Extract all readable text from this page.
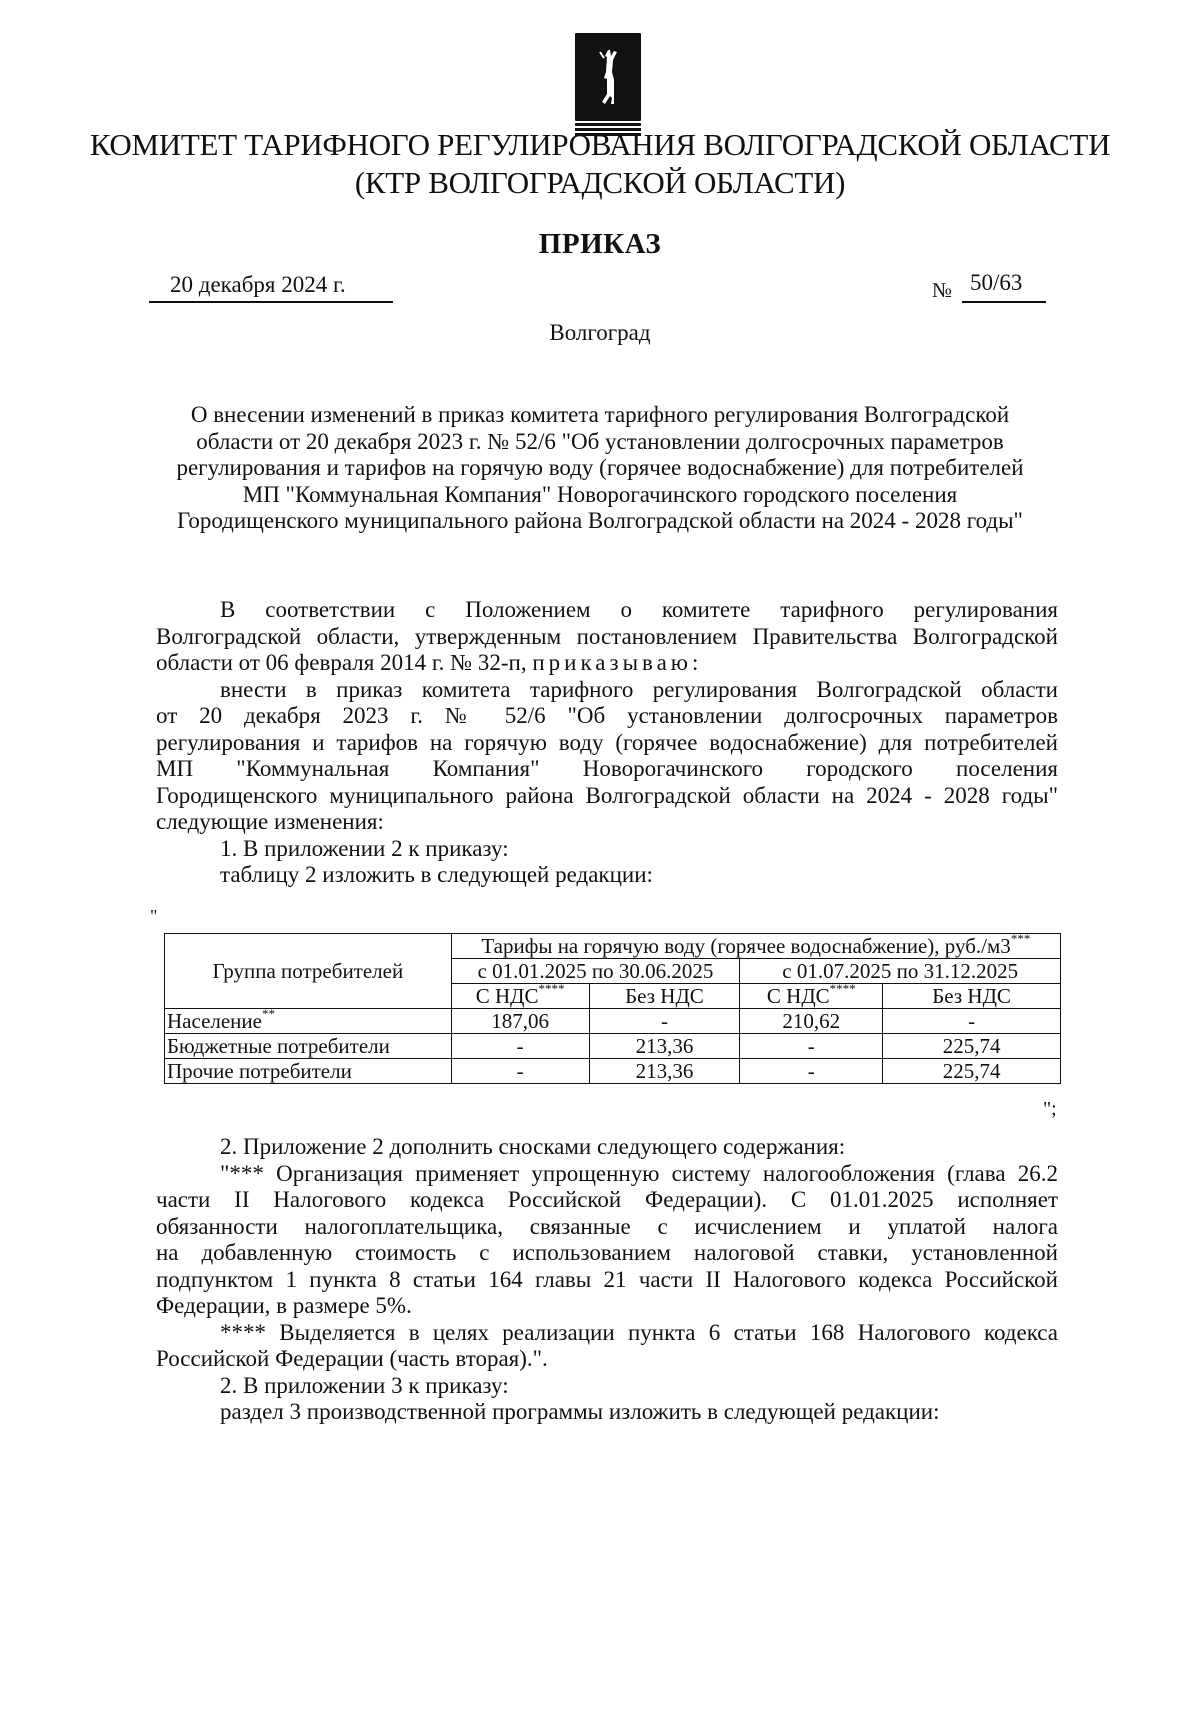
КОМИТЕТ ТАРИФНОГО РЕГУЛИРОВАНИЯ ВОЛГОГРАДСКОЙ ОБЛАСТИ
(КТР ВОЛГОГРАДСКОЙ ОБЛАСТИ)
ПРИКАЗ
20 декабря 2024 г.	№ 50/63
Волгоград
О внесении изменений в приказ комитета тарифного регулирования Волгоградской
области от 20 декабря 2023 г. № 52/6 "Об установлении долгосрочных параметров
регулирования и тарифов на горячую воду (горячее водоснабжение) для потребителей
МП "Коммунальная Компания" Новорогачинского городского поселения
Городищенского муниципального района Волгоградской области на 2024 - 2028 годы"
В соответствии с Положением о комитете тарифного регулирования
Волгоградской области, утвержденным постановлением Правительства Волгоградской
области от 06 февраля 2014 г. № 32-п, приказываю:
внести в приказ комитета тарифного регулирования Волгоградской области
от 20 декабря 2023 г. № 52/6 "Об установлении долгосрочных параметров
регулирования и тарифов на горячую воду (горячее водоснабжение) для потребителей
МП "Коммунальная Компания" Новорогачинского городского поселения
Городищенского муниципального района Волгоградской области на 2024 - 2028 годы"
следующие изменения:
1. В приложении 2 к приказу:
таблицу 2 изложить в следующей редакции:
"
Группа потребителей	Тарифы на горячую воду (горячее водоснабжение), руб./м3***
	с 01.01.2025 по 30.06.2025		с 01.07.2025 по 31.12.2025	
	С НДС****	Без НДС	С НДС****	Без НДС
Население**	187,06	-	210,62	-
Бюджетные потребители	-	213,36	-	225,74
Прочие потребители	-	213,36	-	225,74
";
2. Приложение 2 дополнить сносками следующего содержания:
"*** Организация применяет упрощенную систему налогообложения (глава 26.2
части II Налогового кодекса Российской Федерации). С 01.01.2025 исполняет
обязанности налогоплательщика, связанные с исчислением и уплатой налога
на добавленную стоимость с использованием налоговой ставки, установленной
подпунктом 1 пункта 8 статьи 164 главы 21 части II Налогового кодекса Российской
Федерации, в размере 5%.
**** Выделяется в целях реализации пункта 6 статьи 168 Налогового кодекса
Российской Федерации (часть вторая).".
2. В приложении 3 к приказу:
раздел 3 производственной программы изложить в следующей редакции:
